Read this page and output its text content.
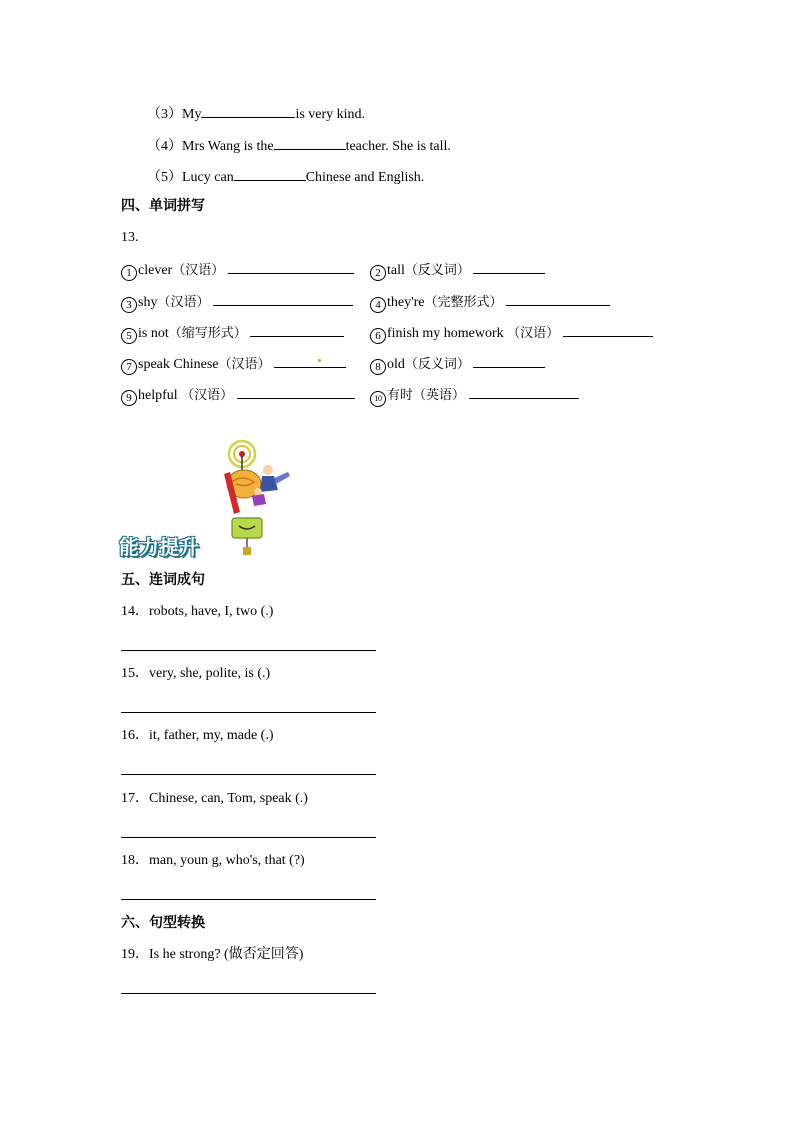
（3）My	is very kind.
（4）Mrs Wang is the	teacher. She is tall.
（5）Lucy can	Chinese and English.
四、单词拼写
13.
1 clever（汉语）	2 tall（反义词）
3 shy（汉语）	4 they're（完整形式）
5 is not（缩写形式）	6 finish my homework （汉语）
7 speak Chinese（汉语）	8 old（反义词）
9 helpful （汉语）	10 有时（英语）
能力提升
五、连词成句
14．robots, have, I, two (.)
15．very, she, polite, is (.)
16．it, father, my, made (.)
17．Chinese, can, Tom, speak (.)
18．man, youn g, who's, that (?)
六、句型转换
19．Is he strong? (做否定回答)
